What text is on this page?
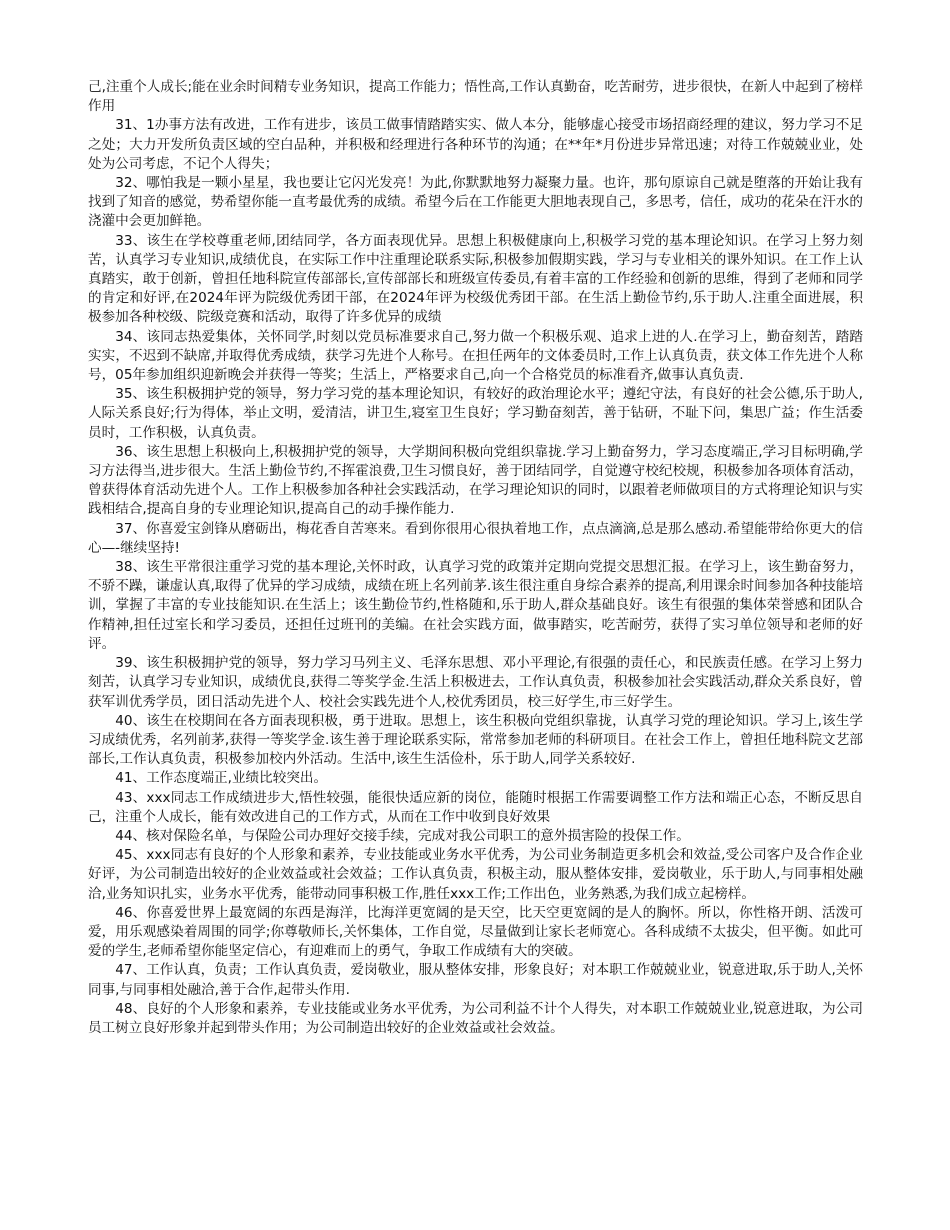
己,注重个人成长;能在业余时间精专业务知识，提高工作能力；悟性高,工作认真勤奋，吃苦耐劳，进步很快，在新人中起到了榜样作用

31、1办事方法有改进，工作有进步，该员工做事情踏踏实实、做人本分，能够虚心接受市场招商经理的建议，努力学习不足之处；大力开发所负责区域的空白品种，并积极和经理进行各种环节的沟通；在**年*月份进步异常迅速；对待工作兢兢业业，处处为公司考虑，不记个人得失；

32、哪怕我是一颗小星星，我也要让它闪光发亮！为此,你默默地努力凝聚力量。也许，那句原谅自己就是堕落的开始让我有找到了知音的感觉，势希望你能一直考最优秀的成绩。希望今后在工作能更大胆地表现自己，多思考，信任，成功的花朵在汗水的浇灌中会更加鲜艳。

33、该生在学校尊重老师,团结同学，各方面表现优异。思想上积极健康向上,积极学习党的基本理论知识。在学习上努力刻苦，认真学习专业知识,成绩优良，在实际工作中注重理论联系实际,积极参加假期实践，学习与专业相关的课外知识。在工作上认真踏实，敢于创新，曾担任地科院宣传部部长,宣传部部长和班级宣传委员,有着丰富的工作经验和创新的思维，得到了老师和同学的肯定和好评,在2024年评为院级优秀团干部，在2024年评为校级优秀团干部。在生活上勤俭节约,乐于助人.注重全面进展，积极参加各种校级、院级竞赛和活动，取得了许多优异的成绩

34、该同志热爱集体，关怀同学,时刻以党员标准要求自己,努力做一个积极乐观、追求上进的人.在学习上，勤奋刻苦，踏踏实实，不迟到不缺席,并取得优秀成绩，获学习先进个人称号。在担任两年的文体委员时,工作上认真负责，获文体工作先进个人称号，05年参加组织迎新晚会并获得一等奖；生活上，严格要求自己,向一个合格党员的标准看齐,做事认真负责.

35、该生积极拥护党的领导，努力学习党的基本理论知识，有较好的政治理论水平；遵纪守法，有良好的社会公德,乐于助人,人际关系良好;行为得体，举止文明，爱清洁，讲卫生,寝室卫生良好；学习勤奋刻苦，善于钻研，不耻下问，集思广益；作生活委员时，工作积极，认真负责。

36、该生思想上积极向上,积极拥护党的领导，大学期间积极向党组织靠拢.学习上勤奋努力，学习态度端正,学习目标明确,学习方法得当,进步很大。生活上勤俭节约,不挥霍浪费,卫生习惯良好，善于团结同学，自觉遵守校纪校规，积极参加各项体育活动，曾获得体育活动先进个人。工作上积极参加各种社会实践活动，在学习理论知识的同时，以跟着老师做项目的方式将理论知识与实践相结合,提高自身的专业理论知识,提高自己的动手操作能力.

37、你喜爱宝剑锋从磨砺出，梅花香自苦寒来。看到你很用心很执着地工作，点点滴滴,总是那么感动.希望能带给你更大的信心—-继续坚持!

38、该生平常很注重学习党的基本理论,关怀时政，认真学习党的政策并定期向党提交思想汇报。在学习上，该生勤奋努力，不骄不躁，谦虚认真,取得了优异的学习成绩，成绩在班上名列前茅.该生很注重自身综合素养的提高,利用课余时间参加各种技能培训，掌握了丰富的专业技能知识.在生活上；该生勤俭节约,性格随和,乐于助人,群众基础良好。该生有很强的集体荣誉感和团队合作精神,担任过室长和学习委员，还担任过班刊的美编。在社会实践方面，做事踏实，吃苦耐劳，获得了实习单位领导和老师的好评。

39、该生积极拥护党的领导，努力学习马列主义、毛泽东思想、邓小平理论,有很强的责任心，和民族责任感。在学习上努力刻苦，认真学习专业知识，成绩优良,获得二等奖学金.生活上积极进去，工作认真负责，积极参加社会实践活动,群众关系良好，曾获军训优秀学员，团日活动先进个人、校社会实践先进个人,校优秀团员，校三好学生,市三好学生。

40、该生在校期间在各方面表现积极，勇于进取。思想上，该生积极向党组织靠拢，认真学习党的理论知识。学习上,该生学习成绩优秀，名列前茅,获得一等奖学金.该生善于理论联系实际，常常参加老师的科研项目。在社会工作上，曾担任地科院文艺部部长,工作认真负责，积极参加校内外活动。生活中,该生生活俭朴，乐于助人,同学关系较好.

41、工作态度端正,业绩比较突出。

43、xxx同志工作成绩进步大,悟性较强，能很快适应新的岗位，能随时根据工作需要调整工作方法和端正心态，不断反思自己，注重个人成长，能有效改进自己的工作方式，从而在工作中收到良好效果

44、核对保险名单，与保险公司办理好交接手续，完成对我公司职工的意外损害险的投保工作。

45、xxx同志有良好的个人形象和素养，专业技能或业务水平优秀，为公司业务制造更多机会和效益,受公司客户及合作企业好评，为公司制造出较好的企业效益或社会效益；工作认真负责，积极主动，服从整体安排，爱岗敬业，乐于助人,与同事相处融洽,业务知识扎实，业务水平优秀，能带动同事积极工作,胜任xxx工作;工作出色，业务熟悉,为我们成立起榜样。

46、你喜爱世界上最宽阔的东西是海洋，比海洋更宽阔的是天空，比天空更宽阔的是人的胸怀。所以，你性格开朗、活泼可爱，用乐观感染着周围的同学;你尊敬师长,关怀集体，工作自觉，尽量做到让家长老师宽心。各科成绩不太拔尖，但平衡。如此可爱的学生,老师希望你能坚定信心，有迎难而上的勇气，争取工作成绩有大的突破。

47、工作认真，负责；工作认真负责，爱岗敬业，服从整体安排，形象良好；对本职工作兢兢业业，锐意进取,乐于助人,关怀同事,与同事相处融洽,善于合作,起带头作用.

48、良好的个人形象和素养，专业技能或业务水平优秀，为公司利益不计个人得失，对本职工作兢兢业业,锐意进取，为公司员工树立良好形象并起到带头作用；为公司制造出较好的企业效益或社会效益。
